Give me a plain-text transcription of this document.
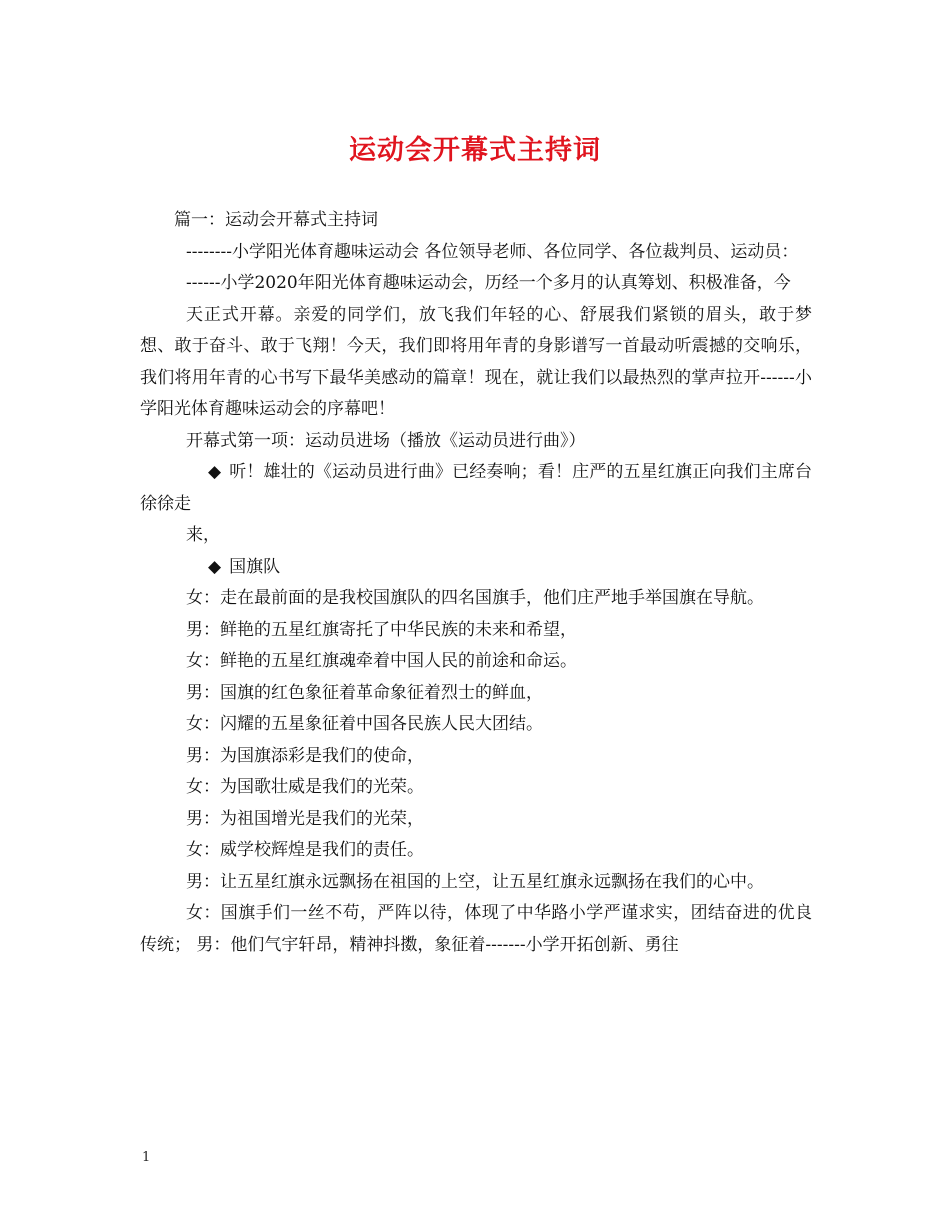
运动会开幕式主持词

篇一：运动会开幕式主持词

--------小学阳光体育趣味运动会 各位领导老师、各位同学、各位裁判员、运动员：

------小学2020年阳光体育趣味运动会，历经一个多月的认真筹划、积极准备，今

天正式开幕。亲爱的同学们，放飞我们年轻的心、舒展我们紧锁的眉头，敢于梦想、敢于奋斗、敢于飞翔！今天，我们即将用年青的身影谱写一首最动听震撼的交响乐，我们将用年青的心书写下最华美感动的篇章！现在，就让我们以最热烈的掌声拉开------小学阳光体育趣味运动会的序幕吧！

开幕式第一项：运动员进场（播放《运动员进行曲》）

◆ 听！雄壮的《运动员进行曲》已经奏响；看！庄严的五星红旗正向我们主席台徐徐走

来，

◆ 国旗队

女：走在最前面的是我校国旗队的四名国旗手，他们庄严地手举国旗在导航。

男：鲜艳的五星红旗寄托了中华民族的未来和希望，

女：鲜艳的五星红旗魂牵着中国人民的前途和命运。

男：国旗的红色象征着革命象征着烈士的鲜血，

女：闪耀的五星象征着中国各民族人民大团结。

男：为国旗添彩是我们的使命，

女：为国歌壮威是我们的光荣。

男：为祖国增光是我们的光荣，

女：威学校辉煌是我们的责任。

男：让五星红旗永远飘扬在祖国的上空，让五星红旗永远飘扬在我们的心中。

女：国旗手们一丝不苟，严阵以待，体现了中华路小学严谨求实，团结奋进的优良传统； 男：他们气宇轩昂，精神抖擞，象征着-------小学开拓创新、勇往

1
